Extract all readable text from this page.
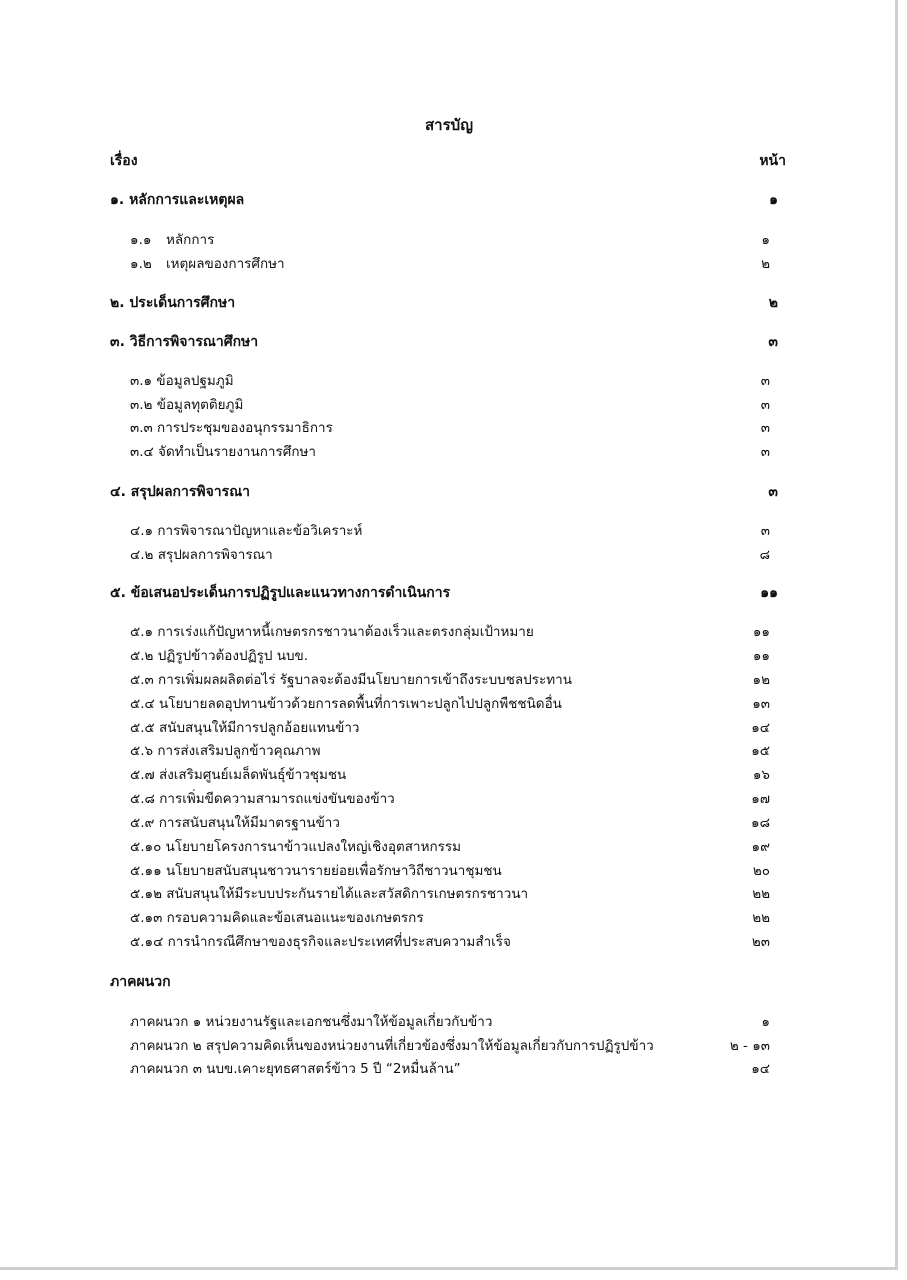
สารบัญ
เรื่อง	หน้า
๑. หลักการและเหตุผล	๑
๑.๑ หลักการ	๑
๑.๒ เหตุผลของการศึกษา	๒
๒. ประเด็นการศึกษา	๒
๓. วิธีการพิจารณาศึกษา	๓
๓.๑ ข้อมูลปฐมภูมิ	๓
๓.๒ ข้อมูลทุตติยภูมิ	๓
๓.๓ การประชุมของอนุกรรมาธิการ	๓
๓.๔ จัดทำเป็นรายงานการศึกษา	๓
๔. สรุปผลการพิจารณา	๓
๔.๑ การพิจารณาปัญหาและข้อวิเคราะห์	๓
๔.๒ สรุปผลการพิจารณา	๘
๕. ข้อเสนอประเด็นการปฏิรูปและแนวทางการดำเนินการ	๑๑
๕.๑ การเร่งแก้ปัญหาหนี้เกษตรกรชาวนาต้องเร็วและตรงกลุ่มเป้าหมาย	๑๑
๕.๒ ปฏิรูปข้าวต้องปฏิรูป นบข.	๑๑
๕.๓ การเพิ่มผลผลิตต่อไร่ รัฐบาลจะต้องมีนโยบายการเข้าถึงระบบชลประทาน	๑๒
๕.๔ นโยบายลดอุปทานข้าวด้วยการลดพื้นที่การเพาะปลูกไปปลูกพืชชนิดอื่น	๑๓
๕.๕ สนับสนุนให้มีการปลูกอ้อยแทนข้าว	๑๔
๕.๖ การส่งเสริมปลูกข้าวคุณภาพ	๑๕
๕.๗ ส่งเสริมศูนย์เมล็ดพันธุ์ข้าวชุมชน	๑๖
๕.๘ การเพิ่มขีดความสามารถแข่งขันของข้าว	๑๗
๕.๙ การสนับสนุนให้มีมาตรฐานข้าว	๑๘
๕.๑๐ นโยบายโครงการนาข้าวแปลงใหญ่เชิงอุตสาหกรรม	๑๙
๕.๑๑ นโยบายสนับสนุนชาวนารายย่อยเพื่อรักษาวิถีชาวนาชุมชน	๒๐
๕.๑๒ สนับสนุนให้มีระบบประกันรายได้และสวัสดิการเกษตรกรชาวนา	๒๒
๕.๑๓ กรอบความคิดและข้อเสนอแนะของเกษตรกร	๒๒
๕.๑๔ การนำกรณีศึกษาของธุรกิจและประเทศที่ประสบความสำเร็จ	๒๓
ภาคผนวก
ภาคผนวก ๑ หน่วยงานรัฐและเอกชนซึ่งมาให้ข้อมูลเกี่ยวกับข้าว	๑
ภาคผนวก ๒ สรุปความคิดเห็นของหน่วยงานที่เกี่ยวข้องซึ่งมาให้ข้อมูลเกี่ยวกับการปฏิรูปข้าว	๒ - ๑๓
ภาคผนวก ๓ นบข.เคาะยุทธศาสตร์ข้าว 5 ปี “2หมื่นล้าน”	๑๔
